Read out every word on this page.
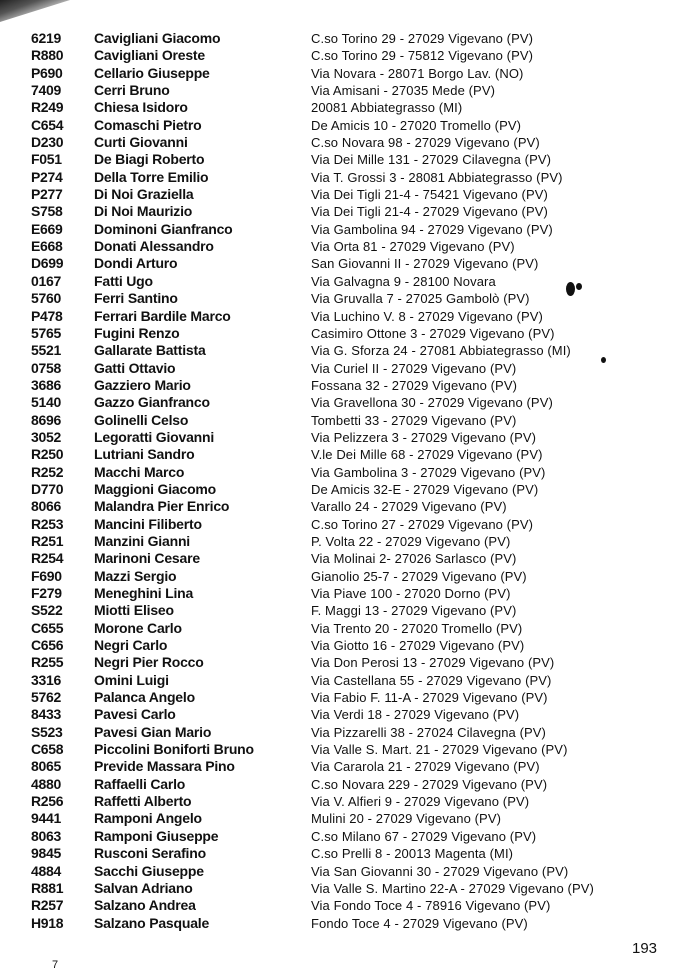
6219 Cavigliani Giacomo	C.so Torino 29 - 27029 Vigevano (PV)
R880 Cavigliani Oreste	C.so Torino 29 - 75812 Vigevano (PV)
P690 Cellario Giuseppe	Via Novara - 28071 Borgo Lav. (NO)
7409 Cerri Bruno	Via Amisani - 27035 Mede (PV)
R249 Chiesa Isidoro	20081 Abbiategrasso (MI)
C654 Comaschi Pietro	De Amicis 10 - 27020 Tromello (PV)
D230 Curti Giovanni	C.so Novara 98 - 27029 Vigevano (PV)
F051 De Biagi Roberto	Via Dei Mille 131 - 27029 Cilavegna (PV)
P274 Della Torre Emilio	Via T. Grossi 3 - 28081 Abbiategrasso (PV)
P277 Di Noi Graziella	Via Dei Tigli 21-4 - 75421 Vigevano (PV)
S758 Di Noi Maurizio	Via Dei Tigli 21-4 - 27029 Vigevano (PV)
E669 Dominoni Gianfranco	Via Gambolina 94 - 27029 Vigevano (PV)
E668 Donati Alessandro	Via Orta 81 - 27029 Vigevano (PV)
D699 Dondi Arturo	San Giovanni II - 27029 Vigevano (PV)
0167 Fatti Ugo	Via Galvagna 9 - 28100 Novara
5760 Ferri Santino	Via Gruvalla 7 - 27025 Gambolò (PV)
P478 Ferrari Bardile Marco	Via Luchino V. 8 - 27029 Vigevano (PV)
5765 Fugini Renzo	Casimiro Ottone 3 - 27029 Vigevano (PV)
5521 Gallarate Battista	Via G. Sforza 24 - 27081 Abbiategrasso (MI)
0758 Gatti Ottavio	Via Curiel II - 27029 Vigevano (PV)
3686 Gazziero Mario	Fossana 32 - 27029 Vigevano (PV)
5140 Gazzo Gianfranco	Via Gravellona 30 - 27029 Vigevano (PV)
8696 Golinelli Celso	Tombetti 33 - 27029 Vigevano (PV)
3052 Legoratti Giovanni	Via Pelizzera 3 - 27029 Vigevano (PV)
R250 Lutriani Sandro	V.le Dei Mille 68 - 27029 Vigevano (PV)
R252 Macchi Marco	Via Gambolina 3 - 27029 Vigevano (PV)
D770 Maggioni Giacomo	De Amicis 32-E - 27029 Vigevano (PV)
8066 Malandra Pier Enrico	Varallo 24 - 27029 Vigevano (PV)
R253 Mancini Filiberto	C.so Torino 27 - 27029 Vigevano (PV)
R251 Manzini Gianni	P. Volta 22 - 27029 Vigevano (PV)
R254 Marinoni Cesare	Via Molinai 2- 27026 Sarlasco (PV)
F690 Mazzi Sergio	Gianolio 25-7 - 27029 Vigevano (PV)
F279 Meneghini Lina	Via Piave 100 - 27020 Dorno (PV)
S522 Miotti Eliseo	F. Maggi 13 - 27029 Vigevano (PV)
C655 Morone Carlo	Via Trento 20 - 27020 Tromello (PV)
C656 Negri Carlo	Via Giotto 16 - 27029 Vigevano (PV)
R255 Negri Pier Rocco	Via Don Perosi 13 - 27029 Vigevano (PV)
3316 Omini Luigi	Via Castellana 55 - 27029 Vigevano (PV)
5762 Palanca Angelo	Via Fabio F. 11-A - 27029 Vigevano (PV)
8433 Pavesi Carlo	Via Verdi 18 - 27029 Vigevano (PV)
S523 Pavesi Gian Mario	Via Pizzarelli 38 - 27024 Cilavegna (PV)
C658 Piccolini Boniforti Bruno	Via Valle S. Mart. 21 - 27029 Vigevano (PV)
8065 Previde Massara Pino	Via Cararola 21 - 27029 Vigevano (PV)
4880 Raffaelli Carlo	C.so Novara 229 - 27029 Vigevano (PV)
R256 Raffetti Alberto	Via V. Alfieri 9 - 27029 Vigevano (PV)
9441 Ramponi Angelo	Mulini 20 - 27029 Vigevano (PV)
8063 Ramponi Giuseppe	C.so Milano 67 - 27029 Vigevano (PV)
9845 Rusconi Serafino	C.so Prelli 8 - 20013 Magenta (MI)
4884 Sacchi Giuseppe	Via San Giovanni 30 - 27029 Vigevano (PV)
R881 Salvan Adriano	Via Valle S. Martino 22-A - 27029 Vigevano (PV)
R257 Salzano Andrea	Via Fondo Toce 4 - 78916 Vigevano (PV)
H918 Salzano Pasquale	Fondo Toce 4 - 27029 Vigevano (PV)
193
7
